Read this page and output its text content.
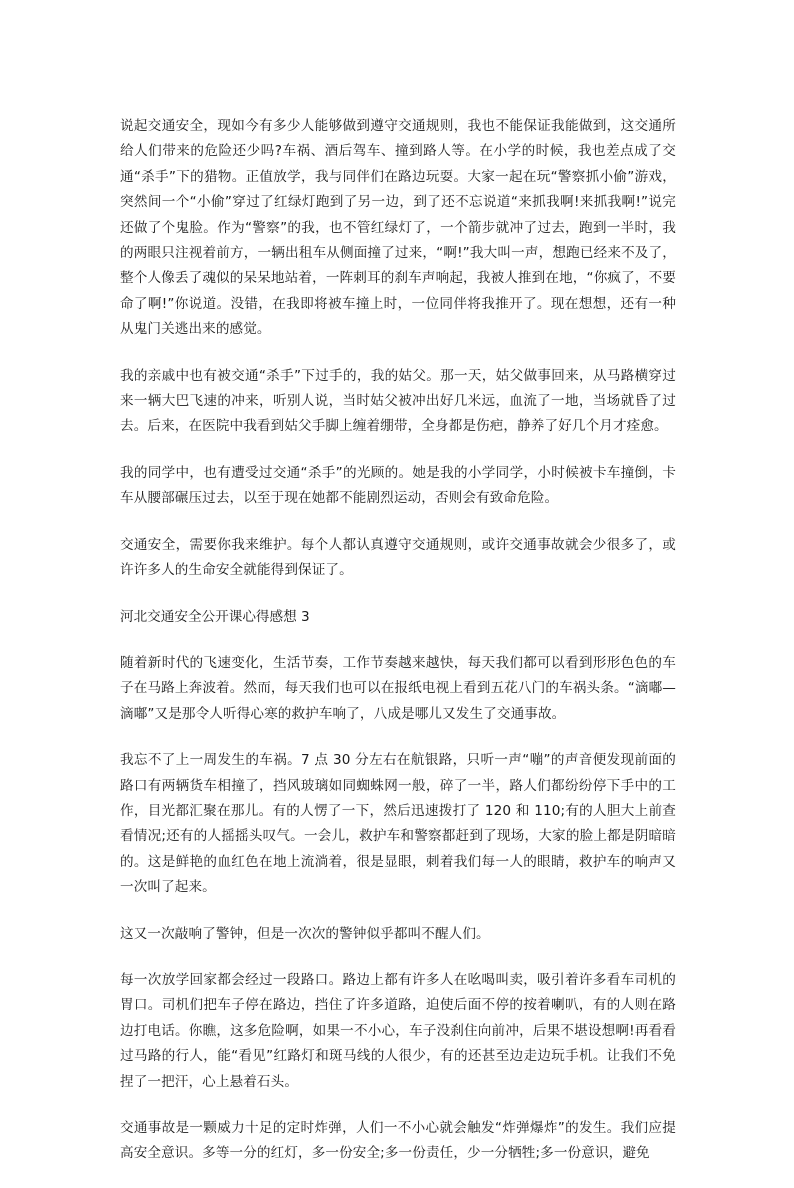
说起交通安全，现如今有多少人能够做到遵守交通规则，我也不能保证我能做到，这交通所给人们带来的危险还少吗?车祸、酒后驾车、撞到路人等。在小学的时候，我也差点成了交通“杀手”下的猎物。正值放学，我与同伴们在路边玩耍。大家一起在玩“警察抓小偷”游戏，突然间一个“小偷”穿过了红绿灯跑到了另一边，到了还不忘说道“来抓我啊!来抓我啊!”说完还做了个鬼脸。作为“警察”的我，也不管红绿灯了，一个箭步就冲了过去，跑到一半时，我的两眼只注视着前方，一辆出租车从侧面撞了过来，“啊!”我大叫一声，想跑已经来不及了，整个人像丢了魂似的呆呆地站着，一阵刺耳的刹车声响起，我被人推到在地，“你疯了，不要命了啊!”你说道。没错，在我即将被车撞上时，一位同伴将我推开了。现在想想，还有一种从鬼门关逃出来的感觉。

我的亲戚中也有被交通“杀手”下过手的，我的姑父。那一天，姑父做事回来，从马路横穿过来一辆大巴飞速的冲来，听别人说，当时姑父被冲出好几米远，血流了一地，当场就昏了过去。后来，在医院中我看到姑父手脚上缠着绷带，全身都是伤疤，静养了好几个月才痊愈。

我的同学中，也有遭受过交通“杀手”的光顾的。她是我的小学同学，小时候被卡车撞倒，卡车从腰部碾压过去，以至于现在她都不能剧烈运动，否则会有致命危险。

交通安全，需要你我来维护。每个人都认真遵守交通规则，或许交通事故就会少很多了，或许许多人的生命安全就能得到保证了。

河北交通安全公开课心得感想 3

随着新时代的飞速变化，生活节奏，工作节奏越来越快，每天我们都可以看到形形色色的车子在马路上奔波着。然而，每天我们也可以在报纸电视上看到五花八门的车祸头条。“滴嘟—滴嘟”又是那令人听得心寒的救护车响了，八成是哪儿又发生了交通事故。

我忘不了上一周发生的车祸。7 点 30 分左右在航银路，只听一声“嘣”的声音便发现前面的路口有两辆货车相撞了，挡风玻璃如同蜘蛛网一般，碎了一半，路人们都纷纷停下手中的工作，目光都汇聚在那儿。有的人愣了一下，然后迅速拨打了 120 和 110;有的人胆大上前查看情况;还有的人摇摇头叹气。一会儿，救护车和警察都赶到了现场，大家的脸上都是阴暗暗的。这是鲜艳的血红色在地上流淌着，很是显眼，刺着我们每一人的眼睛，救护车的响声又一次叫了起来。

这又一次敲响了警钟，但是一次次的警钟似乎都叫不醒人们。

每一次放学回家都会经过一段路口。路边上都有许多人在吆喝叫卖，吸引着许多看车司机的胃口。司机们把车子停在路边，挡住了许多道路，迫使后面不停的按着喇叭，有的人则在路边打电话。你瞧，这多危险啊，如果一不小心，车子没刹住向前冲，后果不堪设想啊!再看看过马路的行人，能“看见”红路灯和斑马线的人很少，有的还甚至边走边玩手机。让我们不免捏了一把汗，心上悬着石头。

交通事故是一颗威力十足的定时炸弹，人们一不小心就会触发“炸弹爆炸”的发生。我们应提高安全意识。多等一分的红灯，多一份安全;多一份责任，少一分牺牲;多一份意识，避免
